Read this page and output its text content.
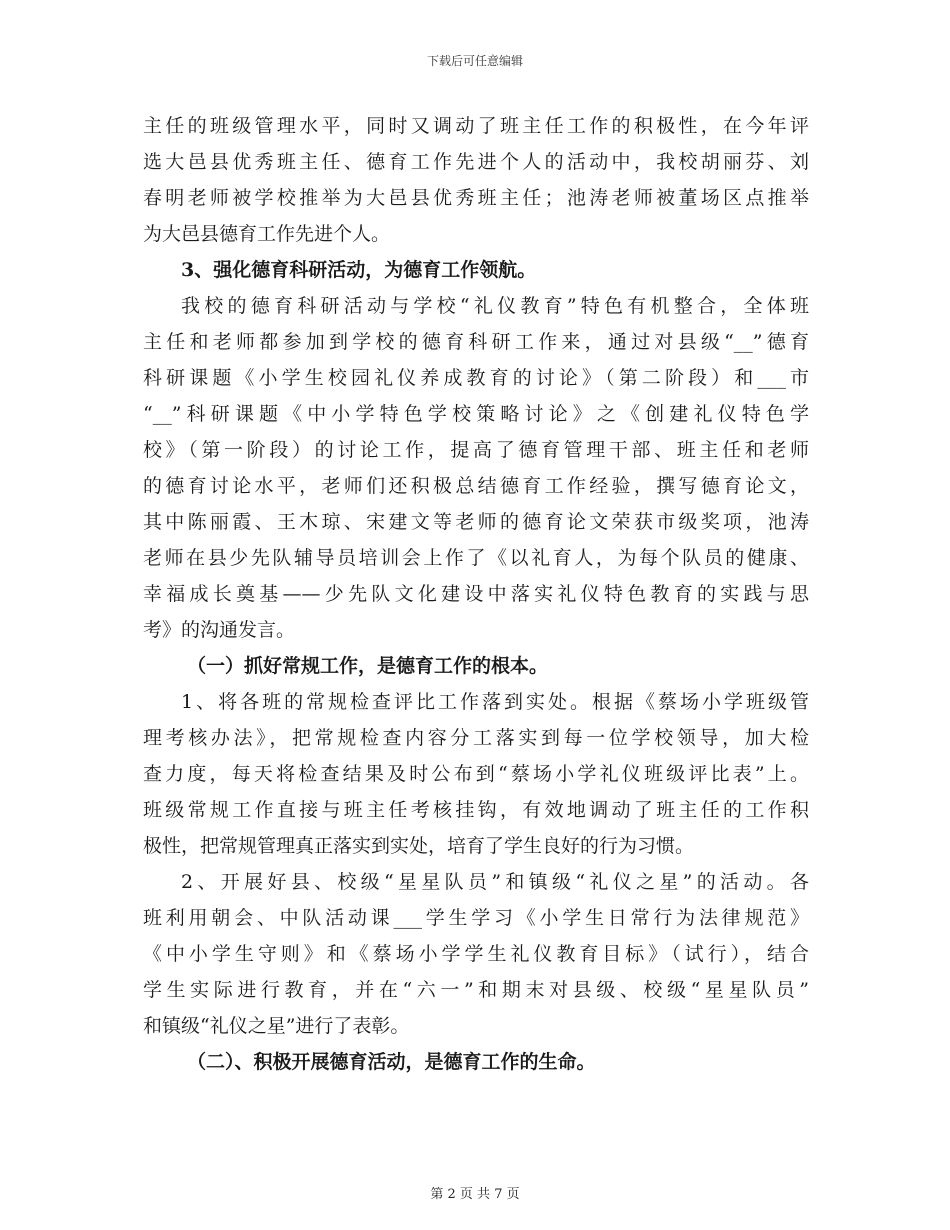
下载后可任意编辑
主任的班级管理水平，同时又调动了班主任工作的积极性，在今年评
选大邑县优秀班主任、德育工作先进个人的活动中，我校胡丽芬、刘
春明老师被学校推举为大邑县优秀班主任；池涛老师被董场区点推举
为大邑县德育工作先进个人。
3、强化德育科研活动，为德育工作领航。
我校的德育科研活动与学校“礼仪教育”特色有机整合，全体班
主任和老师都参加到学校的德育科研工作来，通过对县级“__”德育
科研课题《小学生校园礼仪养成教育的讨论》（第二阶段）和___市
“__”科研课题《中小学特色学校策略讨论》之《创建礼仪特色学
校》（第一阶段）的讨论工作，提高了德育管理干部、班主任和老师
的德育讨论水平，老师们还积极总结德育工作经验，撰写德育论文，
其中陈丽霞、王木琼、宋建文等老师的德育论文荣获市级奖项，池涛
老师在县少先队辅导员培训会上作了《以礼育人，为每个队员的健康、
幸福成长奠基——少先队文化建设中落实礼仪特色教育的实践与思
考》的沟通发言。
（一）抓好常规工作，是德育工作的根本。
1、将各班的常规检查评比工作落到实处。根据《蔡场小学班级管
理考核办法》，把常规检查内容分工落实到每一位学校领导，加大检
查力度，每天将检查结果及时公布到“蔡场小学礼仪班级评比表”上。
班级常规工作直接与班主任考核挂钩，有效地调动了班主任的工作积
极性，把常规管理真正落实到实处，培育了学生良好的行为习惯。
2、开展好县、校级“星星队员”和镇级“礼仪之星”的活动。各
班利用朝会、中队活动课___学生学习《小学生日常行为法律规范》
《中小学生守则》和《蔡场小学学生礼仪教育目标》（试行），结合
学生实际进行教育，并在“六一”和期末对县级、校级“星星队员”
和镇级“礼仪之星”进行了表彰。
（二）、积极开展德育活动，是德育工作的生命。
第 2 页 共 7 页
